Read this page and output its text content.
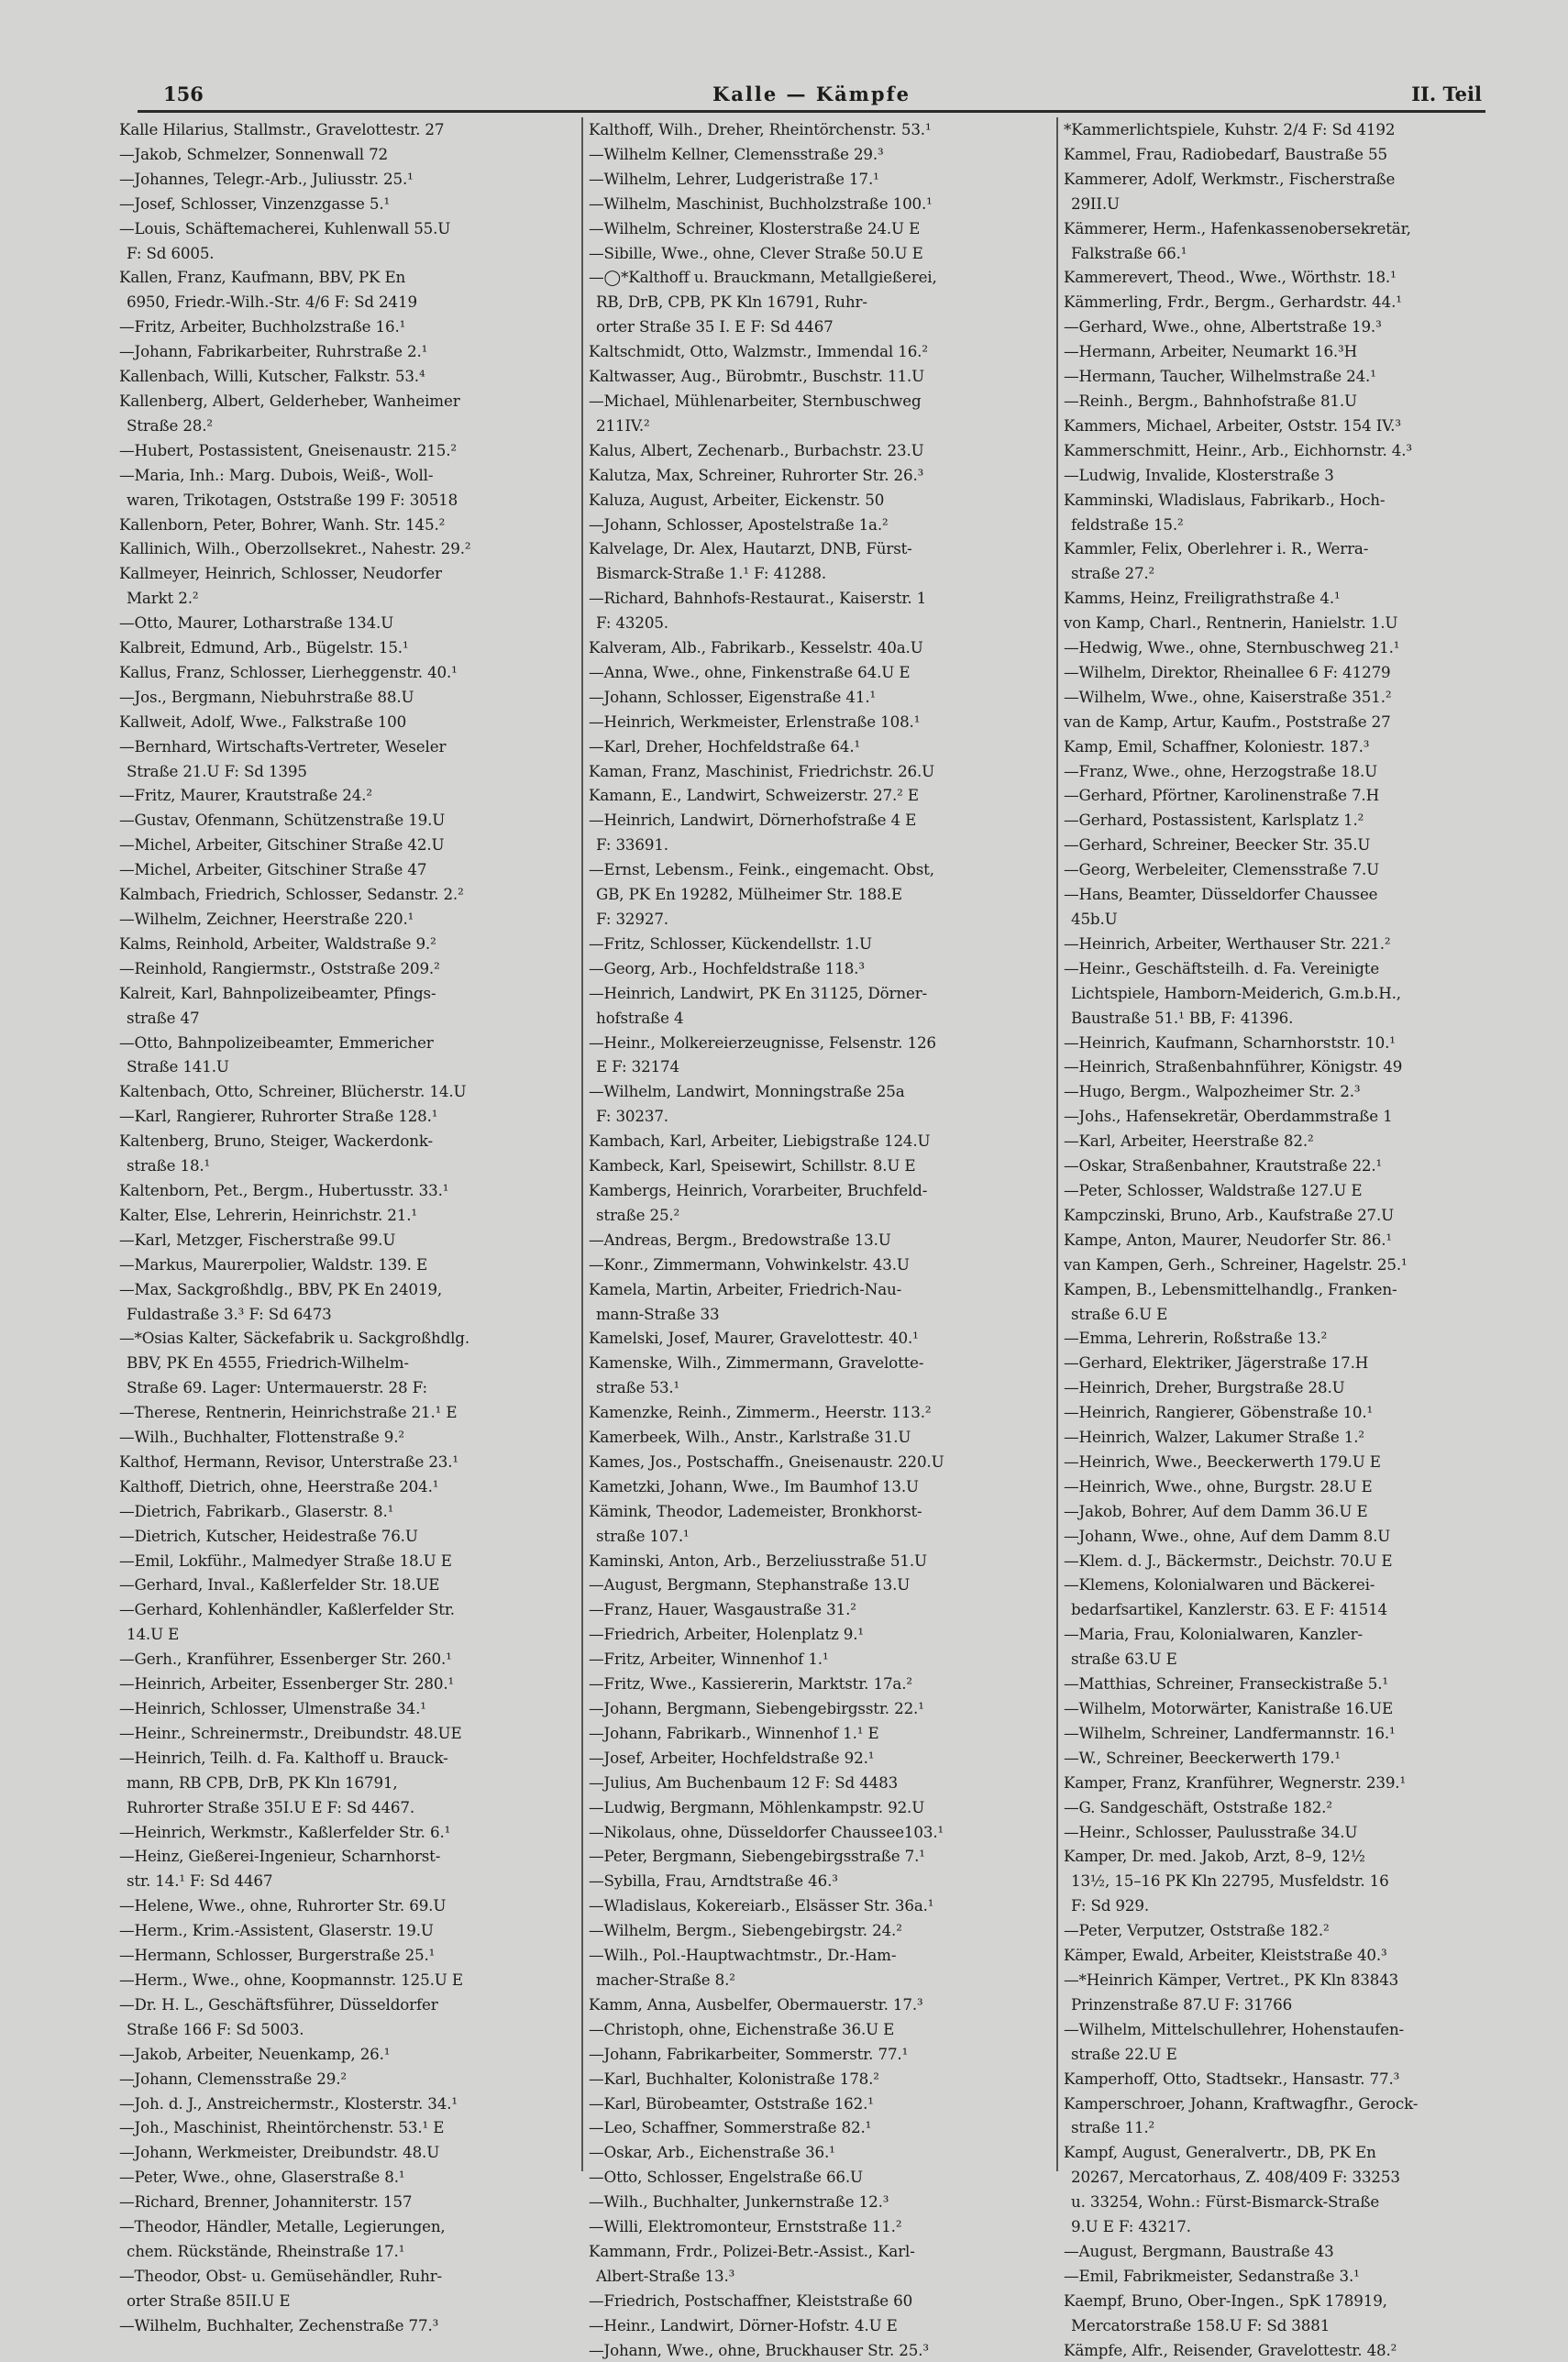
156	Kalle — Kämpfe	II. Teil
Kalle Hilarius, Stallmstr., Gravelottestr. 27
—Jakob, Schmelzer, Sonnenwall 72
—Johannes, Telegr.-Arb., Juliusstr. 25.¹
—Josef, Schlosser, Vinzenzgasse 5.¹
—Louis, Schäftemacherei, Kuhlenwall 55.U
F: Sd 6005.
Kallen, Franz, Kaufmann, BBV, PK En
6950, Friedr.-Wilh.-Str. 4/6 F: Sd 2419
—Fritz, Arbeiter, Buchholzstraße 16.¹
—Johann, Fabrikarbeiter, Ruhrstraße 2.¹
Kallenbach, Willi, Kutscher, Falkstr. 53.⁴
Kallenberg, Albert, Gelderheber, Wanheimer
Straße 28.²
—Hubert, Postassistent, Gneisenaustr. 215.²
—Maria, Inh.: Marg. Dubois, Weiß-, Woll-
waren, Trikotagen, Oststraße 199 F: 30518
Kallenborn, Peter, Bohrer, Wanh. Str. 145.²
Kallinich, Wilh., Oberzollsekret., Nahestr. 29.²
Kallmeyer, Heinrich, Schlosser, Neudorfer
Markt 2.²
—Otto, Maurer, Lotharstraße 134.U
Kalbreit, Edmund, Arb., Bügelstr. 15.¹
Kallus, Franz, Schlosser, Lierheggenstr. 40.¹
—Jos., Bergmann, Niebuhrstraße 88.U
Kallweit, Adolf, Wwe., Falkstraße 100
—Bernhard, Wirtschafts-Vertreter, Weseler
Straße 21.U F: Sd 1395
—Fritz, Maurer, Krautstraße 24.²
—Gustav, Ofenmann, Schützenstraße 19.U
—Michel, Arbeiter, Gitschiner Straße 42.U
—Michel, Arbeiter, Gitschiner Straße 47
Kalmbach, Friedrich, Schlosser, Sedanstr. 2.²
—Wilhelm, Zeichner, Heerstraße 220.¹
Kalms, Reinhold, Arbeiter, Waldstraße 9.²
—Reinhold, Rangiermstr., Oststraße 209.²
Kalreit, Karl, Bahnpolizeibeamter, Pfings-
straße 47
—Otto, Bahnpolizeibeamter, Emmericher
Straße 141.U
Kaltenbach, Otto, Schreiner, Blücherstr. 14.U
—Karl, Rangierer, Ruhrorter Straße 128.¹
Kaltenberg, Bruno, Steiger, Wackerdonk-
straße 18.¹
Kaltenborn, Pet., Bergm., Hubertusstr. 33.¹
Kalter, Else, Lehrerin, Heinrichstr. 21.¹
—Karl, Metzger, Fischerstraße 99.U
—Markus, Maurerpolier, Waldstr. 139. E
—Max, Sackgroßhdlg., BBV, PK En 24019,
Fuldastraße 3.³ F: Sd 6473
—*Osias Kalter, Säckefabrik u. Sackgroßhdlg.
BBV, PK En 4555, Friedrich-Wilhelm-
Straße 69. Lager: Untermauerstr. 28 F:
—Therese, Rentnerin, Heinrichstraße 21.¹ E
—Wilh., Buchhalter, Flottenstraße 9.²
Kalthof, Hermann, Revisor, Unterstraße 23.¹
Kalthoff, Dietrich, ohne, Heerstraße 204.¹
—Dietrich, Fabrikarb., Glaserstr. 8.¹
—Dietrich, Kutscher, Heidestraße 76.U
—Emil, Lokführ., Malmedyer Straße 18.U E
—Gerhard, Inval., Kaßlerfelder Str. 18.UE
—Gerhard, Kohlenhändler, Kaßlerfelder Str.
14.U E
—Gerh., Kranführer, Essenberger Str. 260.¹
—Heinrich, Arbeiter, Essenberger Str. 280.¹
—Heinrich, Schlosser, Ulmenstraße 34.¹
—Heinr., Schreinermstr., Dreibundstr. 48.UE
—Heinrich, Teilh. d. Fa. Kalthoff u. Brauck-
mann, RB CPB, DrB, PK Kln 16791,
Ruhrorter Straße 35I.U E F: Sd 4467.
—Heinrich, Werkmstr., Kaßlerfelder Str. 6.¹
—Heinz, Gießerei-Ingenieur, Scharnhorst-
str. 14.¹ F: Sd 4467
—Helene, Wwe., ohne, Ruhrorter Str. 69.U
—Herm., Krim.-Assistent, Glaserstr. 19.U
—Hermann, Schlosser, Burgerstraße 25.¹
—Herm., Wwe., ohne, Koopmannstr. 125.U E
—Dr. H. L., Geschäftsführer, Düsseldorfer
Straße 166 F: Sd 5003.
—Jakob, Arbeiter, Neuenkamp, 26.¹
—Johann, Clemensstraße 29.²
—Joh. d. J., Anstreichermstr., Klosterstr. 34.¹
—Joh., Maschinist, Rheintörchenstr. 53.¹ E
—Johann, Werkmeister, Dreibundstr. 48.U
—Peter, Wwe., ohne, Glaserstraße 8.¹
—Richard, Brenner, Johanniterstr. 157
—Theodor, Händler, Metalle, Legierungen,
chem. Rückstände, Rheinstraße 17.¹
—Theodor, Obst- u. Gemüsehändler, Ruhr-
orter Straße 85II.U E
—Wilhelm, Buchhalter, Zechenstraße 77.³
Kalthoff, Wilh., Dreher, Rheintörchenstr. 53.¹
—Wilhelm Kellner, Clemensstraße 29.³
—Wilhelm, Lehrer, Ludgeristraße 17.¹
—Wilhelm, Maschinist, Buchholzstraße 100.¹
—Wilhelm, Schreiner, Klosterstraße 24.U E
—Sibille, Wwe., ohne, Clever Straße 50.U E
—◯*Kalthoff u. Brauckmann, Metallgießerei,
RB, DrB, CPB, PK Kln 16791, Ruhr-
orter Straße 35 I. E F: Sd 4467
Kaltschmidt, Otto, Walzmstr., Immendal 16.²
Kaltwasser, Aug., Bürobmtr., Buschstr. 11.U
—Michael, Mühlenarbeiter, Sternbuschweg
211IV.²
Kalus, Albert, Zechenarb., Burbachstr. 23.U
Kalutza, Max, Schreiner, Ruhrorter Str. 26.³
Kaluza, August, Arbeiter, Eickenstr. 50
—Johann, Schlosser, Apostelstraße 1a.²
Kalvelage, Dr. Alex, Hautarzt, DNB, Fürst-
Bismarck-Straße 1.¹ F: 41288.
—Richard, Bahnhofs-Restaurat., Kaiserstr. 1
F: 43205.
Kalveram, Alb., Fabrikarb., Kesselstr. 40a.U
—Anna, Wwe., ohne, Finkenstraße 64.U E
—Johann, Schlosser, Eigenstraße 41.¹
—Heinrich, Werkmeister, Erlenstraße 108.¹
—Karl, Dreher, Hochfeldstraße 64.¹
Kaman, Franz, Maschinist, Friedrichstr. 26.U
Kamann, E., Landwirt, Schweizerstr. 27.² E
—Heinrich, Landwirt, Dörnerhofstraße 4 E
F: 33691.
—Ernst, Lebensm., Feink., eingemacht. Obst,
GB, PK En 19282, Mülheimer Str. 188.E
F: 32927.
—Fritz, Schlosser, Kückendellstr. 1.U
—Georg, Arb., Hochfeldstraße 118.³
—Heinrich, Landwirt, PK En 31125, Dörner-
hofstraße 4
—Heinr., Molkereierzeugnisse, Felsenstr. 126
E F: 32174
—Wilhelm, Landwirt, Monningstraße 25a
F: 30237.
Kambach, Karl, Arbeiter, Liebigstraße 124.U
Kambeck, Karl, Speisewirt, Schillstr. 8.U E
Kambergs, Heinrich, Vorarbeiter, Bruchfeld-
straße 25.²
—Andreas, Bergm., Bredowstraße 13.U
—Konr., Zimmermann, Vohwinkelstr. 43.U
Kamela, Martin, Arbeiter, Friedrich-Nau-
mann-Straße 33
Kamelski, Josef, Maurer, Gravelottestr. 40.¹
Kamenske, Wilh., Zimmermann, Gravelotte-
straße 53.¹
Kamenzke, Reinh., Zimmerm., Heerstr. 113.²
Kamerbeek, Wilh., Anstr., Karlstraße 31.U
Kames, Jos., Postschaffn., Gneisenaustr. 220.U
Kametzki, Johann, Wwe., Im Baumhof 13.U
Kämink, Theodor, Lademeister, Bronkhorst-
straße 107.¹
Kaminski, Anton, Arb., Berzeliusstraße 51.U
—August, Bergmann, Stephanstraße 13.U
—Franz, Hauer, Wasgaustraße 31.²
—Friedrich, Arbeiter, Holenplatz 9.¹
—Fritz, Arbeiter, Winnenhof 1.¹
—Fritz, Wwe., Kassiererin, Marktstr. 17a.²
—Johann, Bergmann, Siebengebirgsstr. 22.¹
—Johann, Fabrikarb., Winnenhof 1.¹ E
—Josef, Arbeiter, Hochfeldstraße 92.¹
—Julius, Am Buchenbaum 12 F: Sd 4483
—Ludwig, Bergmann, Möhlenkampstr. 92.U
—Nikolaus, ohne, Düsseldorfer Chaussee103.¹
—Peter, Bergmann, Siebengebirgsstraße 7.¹
—Sybilla, Frau, Arndtstraße 46.³
—Wladislaus, Kokereiarb., Elsässer Str. 36a.¹
—Wilhelm, Bergm., Siebengebirgstr. 24.²
—Wilh., Pol.-Hauptwachtmstr., Dr.-Ham-
macher-Straße 8.²
Kamm, Anna, Ausbelfer, Obermauerstr. 17.³
—Christoph, ohne, Eichenstraße 36.U E
—Johann, Fabrikarbeiter, Sommerstr. 77.¹
—Karl, Buchhalter, Kolonistraße 178.²
—Karl, Bürobeamter, Oststraße 162.¹
—Leo, Schaffner, Sommerstraße 82.¹
—Oskar, Arb., Eichenstraße 36.¹
—Otto, Schlosser, Engelstraße 66.U
—Wilh., Buchhalter, Junkernstraße 12.³
—Willi, Elektromonteur, Ernststraße 11.²
Kammann, Frdr., Polizei-Betr.-Assist., Karl-
Albert-Straße 13.³
—Friedrich, Postschaffner, Kleiststraße 60
—Heinr., Landwirt, Dörner-Hofstr. 4.U E
—Johann, Wwe., ohne, Bruckhauser Str. 25.³
*Kammerlichtspiele, Kuhstr. 2/4 F: Sd 4192
Kammel, Frau, Radiobedarf, Baustraße 55
Kammerer, Adolf, Werkmstr., Fischerstraße
29II.U
Kämmerer, Herm., Hafenkassenobersekretär,
Falkstraße 66.¹
Kammerevert, Theod., Wwe., Wörthstr. 18.¹
Kämmerling, Frdr., Bergm., Gerhardstr. 44.¹
—Gerhard, Wwe., ohne, Albertstraße 19.³
—Hermann, Arbeiter, Neumarkt 16.³H
—Hermann, Taucher, Wilhelmstraße 24.¹
—Reinh., Bergm., Bahnhofstraße 81.U
Kammers, Michael, Arbeiter, Oststr. 154 IV.³
Kammerschmitt, Heinr., Arb., Eichhornstr. 4.³
—Ludwig, Invalide, Klosterstraße 3
Kamminski, Wladislaus, Fabrikarb., Hoch-
feldstraße 15.²
Kammler, Felix, Oberlehrer i. R., Werra-
straße 27.²
Kamms, Heinz, Freiligrathstraße 4.¹
von Kamp, Charl., Rentnerin, Hanielstr. 1.U
—Hedwig, Wwe., ohne, Sternbuschweg 21.¹
—Wilhelm, Direktor, Rheinallee 6 F: 41279
—Wilhelm, Wwe., ohne, Kaiserstraße 351.²
van de Kamp, Artur, Kaufm., Poststraße 27
Kamp, Emil, Schaffner, Koloniestr. 187.³
—Franz, Wwe., ohne, Herzogstraße 18.U
—Gerhard, Pförtner, Karolinenstraße 7.H
—Gerhard, Postassistent, Karlsplatz 1.²
—Gerhard, Schreiner, Beecker Str. 35.U
—Georg, Werbeleiter, Clemensstraße 7.U
—Hans, Beamter, Düsseldorfer Chaussee
45b.U
—Heinrich, Arbeiter, Werthauser Str. 221.²
—Heinr., Geschäftsteilh. d. Fa. Vereinigte
Lichtspiele, Hamborn-Meiderich, G.m.b.H.,
Baustraße 51.¹ BB, F: 41396.
—Heinrich, Kaufmann, Scharnhorststr. 10.¹
—Heinrich, Straßenbahnführer, Königstr. 49
—Hugo, Bergm., Walpozheimer Str. 2.³
—Johs., Hafensekretär, Oberdammstraße 1
—Karl, Arbeiter, Heerstraße 82.²
—Oskar, Straßenbahner, Krautstraße 22.¹
—Peter, Schlosser, Waldstraße 127.U E
Kampczinski, Bruno, Arb., Kaufstraße 27.U
Kampe, Anton, Maurer, Neudorfer Str. 86.¹
van Kampen, Gerh., Schreiner, Hagelstr. 25.¹
Kampen, B., Lebensmittelhandlg., Franken-
straße 6.U E
—Emma, Lehrerin, Roßstraße 13.²
—Gerhard, Elektriker, Jägerstraße 17.H
—Heinrich, Dreher, Burgstraße 28.U
—Heinrich, Rangierer, Göbenstraße 10.¹
—Heinrich, Walzer, Lakumer Straße 1.²
—Heinrich, Wwe., Beeckerwerth 179.U E
—Heinrich, Wwe., ohne, Burgstr. 28.U E
—Jakob, Bohrer, Auf dem Damm 36.U E
—Johann, Wwe., ohne, Auf dem Damm 8.U
—Klem. d. J., Bäckermstr., Deichstr. 70.U E
—Klemens, Kolonialwaren und Bäckerei-
bedarfsartikel, Kanzlerstr. 63. E F: 41514
—Maria, Frau, Kolonialwaren, Kanzler-
straße 63.U E
—Matthias, Schreiner, Franseckistraße 5.¹
—Wilhelm, Motorwärter, Kanistraße 16.UE
—Wilhelm, Schreiner, Landfermannstr. 16.¹
—W., Schreiner, Beeckerwerth 179.¹
Kamper, Franz, Kranführer, Wegnerstr. 239.¹
—G. Sandgeschäft, Oststraße 182.²
—Heinr., Schlosser, Paulusstraße 34.U
Kamper, Dr. med. Jakob, Arzt, 8–9, 12½
13½, 15–16 PK Kln 22795, Musfeldstr. 16
F: Sd 929.
—Peter, Verputzer, Oststraße 182.²
Kämper, Ewald, Arbeiter, Kleiststraße 40.³
—*Heinrich Kämper, Vertret., PK Kln 83843
Prinzenstraße 87.U F: 31766
—Wilhelm, Mittelschullehrer, Hohenstaufen-
straße 22.U E
Kamperhoff, Otto, Stadtsekr., Hansastr. 77.³
Kamperschroer, Johann, Kraftwagfhr., Gerock-
straße 11.²
Kampf, August, Generalvertr., DB, PK En
20267, Mercatorhaus, Z. 408/409 F: 33253
u. 33254, Wohn.: Fürst-Bismarck-Straße
9.U E F: 43217.
—August, Bergmann, Baustraße 43
—Emil, Fabrikmeister, Sedanstraße 3.¹
Kaempf, Bruno, Ober-Ingen., SpK 178919,
Mercatorstraße 158.U F: Sd 3881
Kämpfe, Alfr., Reisender, Gravelottestr. 48.²
